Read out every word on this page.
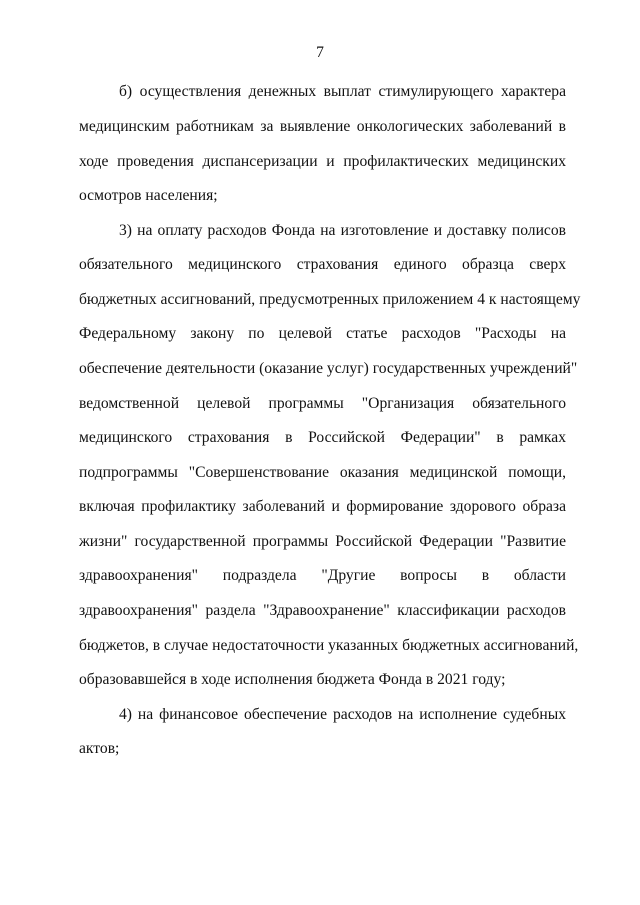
7
б) осуществления денежных выплат стимулирующего характера
медицинским работникам за выявление онкологических заболеваний в
ходе проведения диспансеризации и профилактических медицинских
осмотров населения;
3) на оплату расходов Фонда на изготовление и доставку полисов
обязательного медицинского страхования единого образца сверх
бюджетных ассигнований, предусмотренных приложением 4 к настоящему
Федеральному закону по целевой статье расходов "Расходы на
обеспечение деятельности (оказание услуг) государственных учреждений"
ведомственной целевой программы "Организация обязательного
медицинского страхования в Российской Федерации" в рамках
подпрограммы "Совершенствование оказания медицинской помощи,
включая профилактику заболеваний и формирование здорового образа
жизни" государственной программы Российской Федерации "Развитие
здравоохранения" подраздела "Другие вопросы в области
здравоохранения" раздела "Здравоохранение" классификации расходов
бюджетов, в случае недостаточности указанных бюджетных ассигнований,
образовавшейся в ходе исполнения бюджета Фонда в 2021 году;
4) на финансовое обеспечение расходов на исполнение судебных
актов;
